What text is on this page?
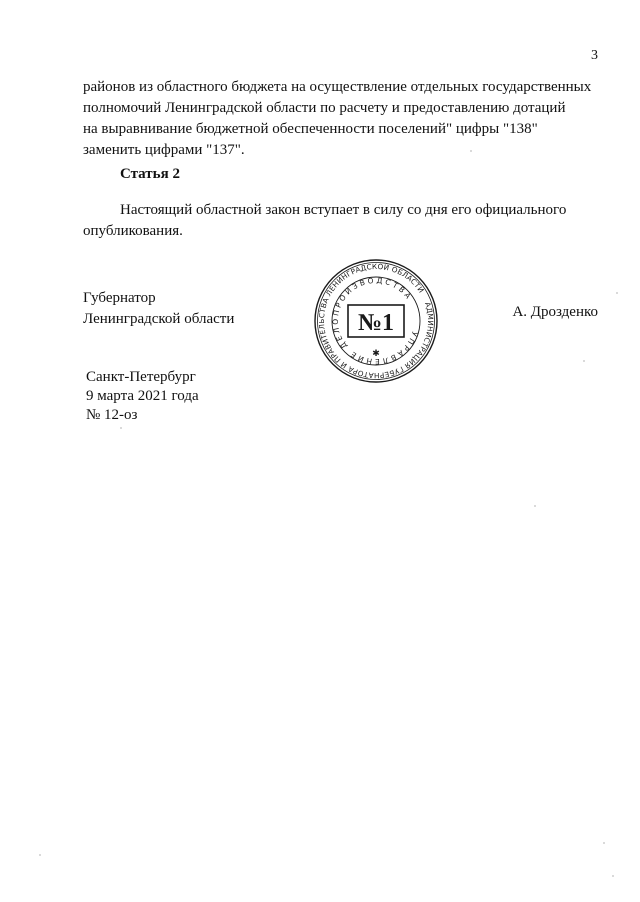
3

районов из областного бюджета на осуществление отдельных государственных
полномочий Ленинградской области по расчету и предоставлению дотаций
на выравнивание бюджетной обеспеченности поселений" цифры "138"
заменить цифрами "137".

Статья 2

Настоящий областной закон вступает в силу со дня его официального
опубликования.

Губернатор
Ленинградской области
АДМИНИСТРАЦИЯ ГУБЕРНАТОРА И ПРАВИТЕЛЬСТВА ЛЕНИНГРАДСКОЙ ОБЛАСТИ
УПРАВЛЕНИЕ ДЕЛОПРОИЗВОДСТВА
№1
✱
А. Дрозденко
Санкт-Петербург
9 марта 2021 года
№ 12-оз
